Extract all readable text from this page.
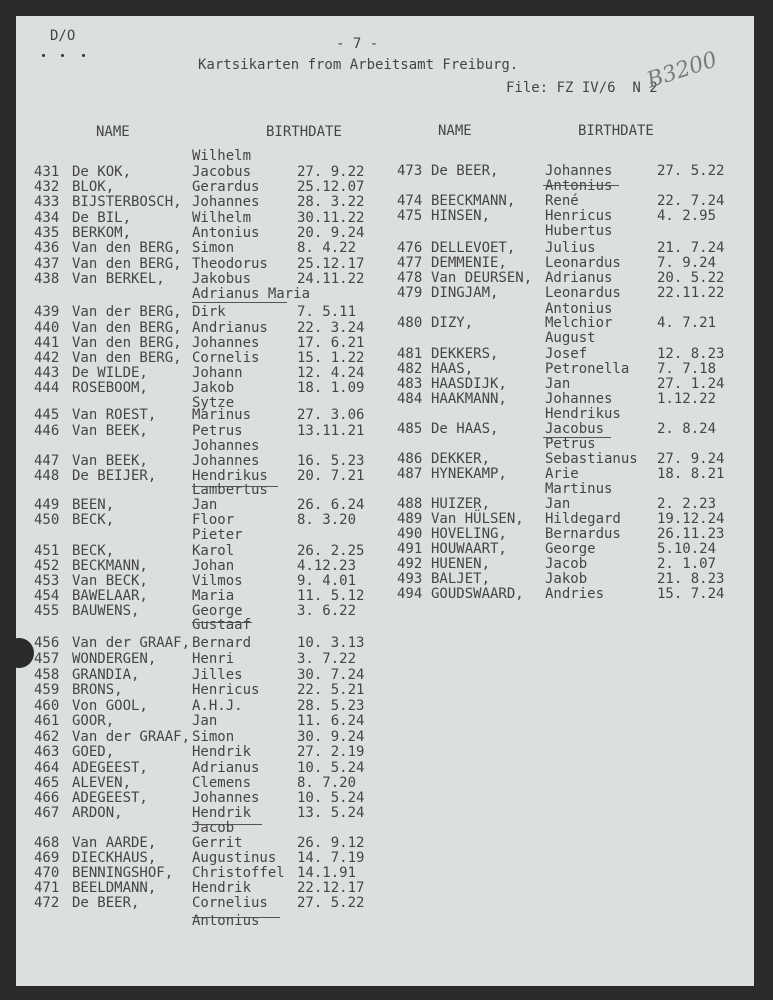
D/O	- 7 -
Kartsikarten from Arbeitsamt Freiburg.
File: FZ IV/6  N 2
B3200
NAME	BIRTHDATE	NAME	BIRTHDATE
Wilhelm
431 De KOK,	Jacobus	27. 9.22
432 BLOK,	Gerardus	25.12.07
433 BIJSTERBOSCH, Johannes	28. 3.22
434 De BIL,	Wilhelm	30.11.22
435 BERKOM,	Antonius	20. 9.24
436 Van den BERG, Simon	8. 4.22
437 Van den BERG, Theodorus 25.12.17
438 Van BERKEL, Jakobus	24.11.22
Adrianus Maria
439 Van der BERG, Dirk	7. 5.11
440 Van den BERG, Andrianus 22. 3.24
441 Van den BERG, Johannes	17. 6.21
442 Van den BERG, Cornelis	15. 1.22
443 De WILDE,	Johann	12. 4.24
444 ROSEBOOM,	Jakob	18. 1.09
Sytze
445 Van ROEST,	Marinus	27. 3.06
446 Van BEEK,	Petrus	13.11.21
Johannes
447 Van BEEK,	Johannes	16. 5.23
448 De BEIJER,	Hendrikus 20. 7.21
Lambertus
449 BEEN,	Jan	26. 6.24
450 BECK,	Floor	8. 3.20
Pieter
451 BECK,	Karol	26. 2.25
452 BECKMANN,	Johan	4.12.23
453 Van BECK,	Vilmos	9. 4.01
454 BAWELAAR,	Maria	11. 5.12
455 BAUWENS,	George	3. 6.22
Gustaaf
456 Van der GRAAF, Bernard	10. 3.13
457 WONDERGEN,	Henri	3. 7.22
458 GRANDIA,	Jilles	30. 7.24
459 BRONS,	Henricus	22. 5.21
460 Von GOOL,	A.H.J.	28. 5.23
461 GOOR,	Jan	11. 6.24
462 Van der GRAAF, Simon	30. 9.24
463 GOED,	Hendrik	27. 2.19
464 ADEGEEST,	Adrianus	10. 5.24
465 ALEVEN,	Clemens	8. 7.20
466 ADEGEEST,	Johannes	10. 5.24
467 ARDON,	Hendrik	13. 5.24
Jacob
468 Van AARDE,	Gerrit	26. 9.12
469 DIECKHAUS,	Augustinus 14. 7.19
470 BENNINGSHOF, Christoffel 14.1.91
471 BEELDMANN,	Hendrik	22.12.17
472 De BEER,	Cornelius 27. 5.22
Antonius
473 De BEER,	Johannes	27. 5.22
Antonius
474 BEECKMANN, René	22. 7.24
475 HINSEN,	Henricus	4. 2.95
Hubertus
476 DELLEVOET, Julius	21. 7.24
477 DEMMENIE,	Leonardus	7. 9.24
478 Van DEURSEN, Adrianus	20. 5.22
479 DINGJAM,	Leonardus	22.11.22
Antonius
480 DIZY,	Melchior	4. 7.21
August
481 DEKKERS,	Josef	12. 8.23
482 HAAS,	Petronella 7. 7.18
483 HAASDIJK,	Jan	27. 1.24
484 HAAKMANN,	Johannes	1.12.22
Hendrikus
485 De HAAS,	Jacobus	2. 8.24
Petrus
486 DEKKER,	Sebastianus 27. 9.24
487 HYNEKAMP,	Arie	18. 8.21
Martinus
488 HUIZER,	Jan	2. 2.23
489 Van HÜLSEN, Hildegard	19.12.24
490 HOVELING,	Bernardus	26.11.23
491 HOUWAART,	George	5.10.24
492 HUENEN,	Jacob	2. 1.07
493 BALJET,	Jakob	21. 8.23
494 GOUDSWAARD, Andries	15. 7.24
